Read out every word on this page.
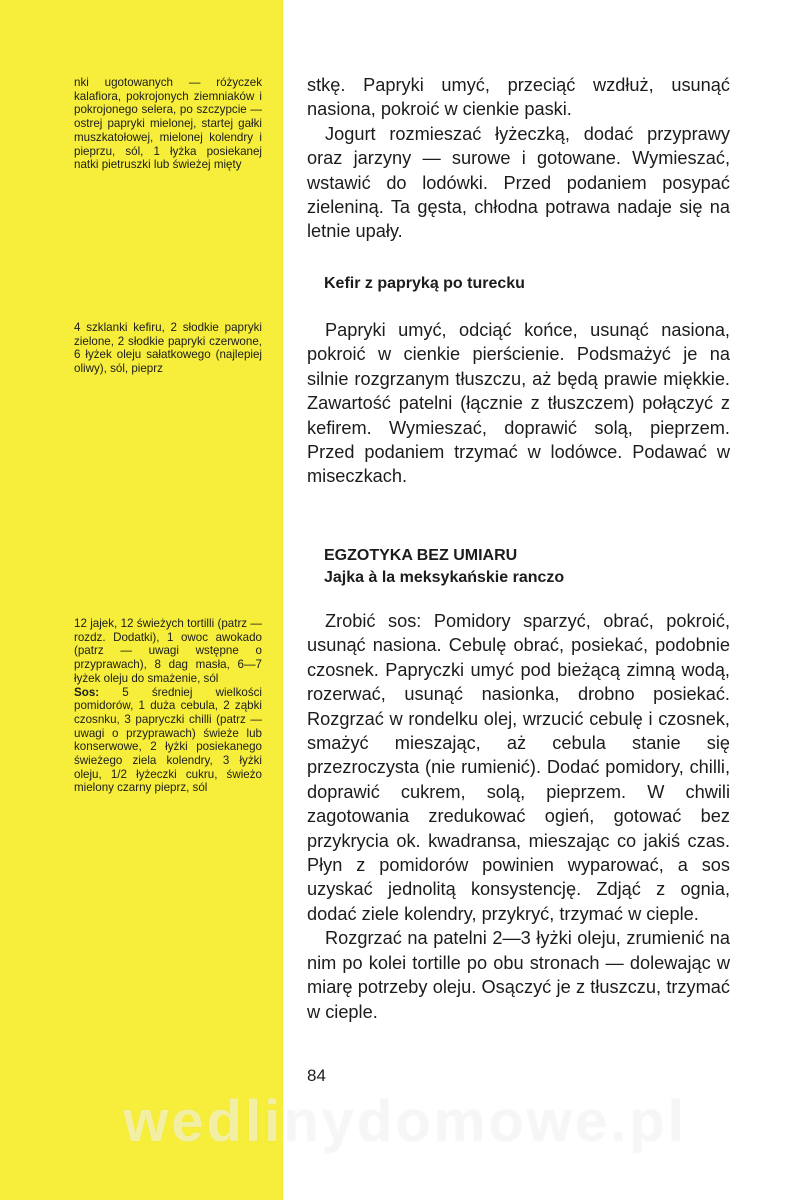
nki ugotowanych — różyczek kalafiora, pokrojonych ziemniaków i pokrojonego selera, po szczypcie — ostrej papryki mielonej, startej gałki muszkatołowej, mielonej kolendry i pieprzu, sól, 1 łyżka posiekanej natki pietruszki lub świeżej mięty
4 szklanki kefiru, 2 słodkie papryki zielone, 2 słodkie papryki czerwone, 6 łyżek oleju sałatkowego (najlepiej oliwy), sól, pieprz
12 jajek, 12 świeżych tortilli (patrz — rozdz. Dodatki), 1 owoc awokado (patrz — uwagi wstępne o przyprawach), 8 dag masła, 6—7 łyżek oleju do smażenie, sól
Sos: 5 średniej wielkości pomidorów, 1 duża cebula, 2 ząbki czosnku, 3 papryczki chilli (patrz — uwagi o przyprawach) świeże lub konserwowe, 2 łyżki posiekanego świeżego ziela kolendry, 3 łyżki oleju, 1/2 łyżeczki cukru, świeżo mielony czarny pieprz, sól

stkę. Papryki umyć, przeciąć wzdłuż, usunąć nasiona, pokroić w cienkie paski.

Jogurt rozmieszać łyżeczką, dodać przyprawy oraz jarzyny — surowe i gotowane. Wymieszać, wstawić do lodówki. Przed podaniem posypać zieleniną. Ta gęsta, chłodna potrawa nadaje się na letnie upały.

Kefir z papryką po turecku

Papryki umyć, odciąć końce, usunąć nasiona, pokroić w cienkie pierścienie. Podsmażyć je na silnie rozgrzanym tłuszczu, aż będą prawie miękkie. Zawartość patelni (łącznie z tłuszczem) połączyć z kefirem. Wymieszać, doprawić solą, pieprzem. Przed podaniem trzymać w lodówce. Podawać w miseczkach.

EGZOTYKA BEZ UMIARU
Jajka à la meksykańskie ranczo

Zrobić sos: Pomidory sparzyć, obrać, pokroić, usunąć nasiona. Cebulę obrać, posiekać, podobnie czosnek. Papryczki umyć pod bieżącą zimną wodą, rozerwać, usunąć nasionka, drobno posiekać. Rozgrzać w rondelku olej, wrzucić cebulę i czosnek, smażyć mieszając, aż cebula stanie się przezroczysta (nie rumienić). Dodać pomidory, chilli, doprawić cukrem, solą, pieprzem. W chwili zagotowania zredukować ogień, gotować bez przykrycia ok. kwadransa, mieszając co jakiś czas. Płyn z pomidorów powinien wyparować, a sos uzyskać jednolitą konsystencję. Zdjąć z ognia, dodać ziele kolendry, przykryć, trzymać w cieple.

Rozgrzać na patelni 2—3 łyżki oleju, zrumienić na nim po kolei tortille po obu stronach — dolewając w miarę potrzeby oleju. Osączyć je z tłuszczu, trzymać w cieple.

84
wedlinydomowe.pl
